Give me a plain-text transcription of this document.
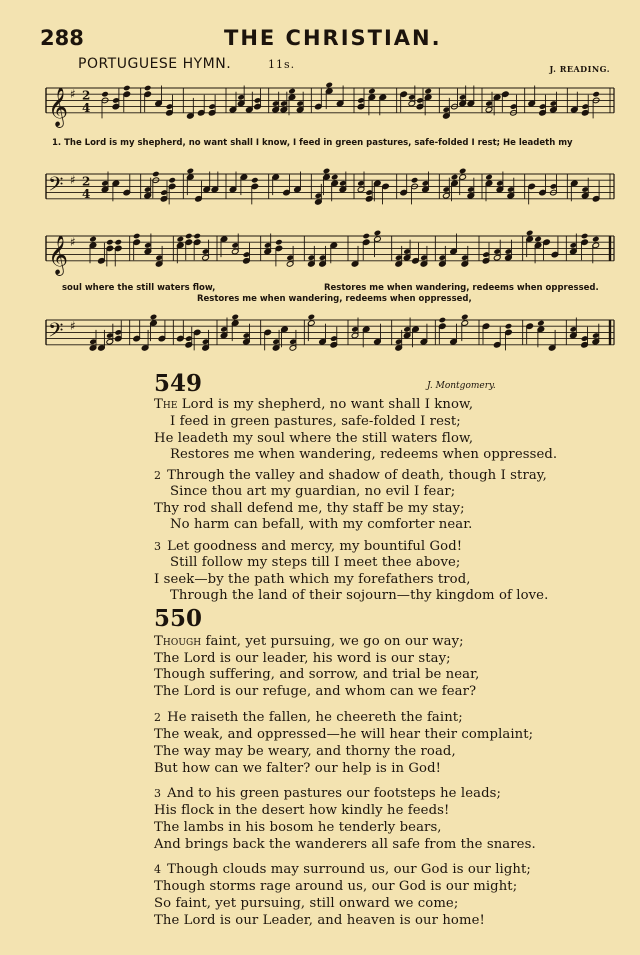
288	THE CHRISTIAN.
PORTUGUESE HYMN.	11s.	J. READING.
𝄞 ♯ 2
4
1. The Lord is my shepherd, no want shall I know, I feed in green pastures, safe-folded I rest; He leadeth my
𝄢 ♯ 2
4
𝄞 ♯
soul where the still waters flow,	Restores me when wandering, redeems when oppressed.
Restores me when wandering, redeems when oppressed,
𝄢 ♯
549	J. Montgomery.
The Lord is my shepherd, no want shall I know,
I feed in green pastures, safe-folded I rest;
He leadeth my soul where the still waters flow,
Restores me when wandering, redeems when oppressed.
2 Through the valley and shadow of death, though I stray,
Since thou art my guardian, no evil I fear;
Thy rod shall defend me, thy staff be my stay;
No harm can befall, with my comforter near.
3 Let goodness and mercy, my bountiful God!
Still follow my steps till I meet thee above;
I seek—by the path which my forefathers trod,
Through the land of their sojourn—thy kingdom of love.
550
Though faint, yet pursuing, we go on our way;
The Lord is our leader, his word is our stay;
Though suffering, and sorrow, and trial be near,
The Lord is our refuge, and whom can we fear?
2 He raiseth the fallen, he cheereth the faint;
The weak, and oppressed—he will hear their complaint;
The way may be weary, and thorny the road,
But how can we falter? our help is in God!
3 And to his green pastures our footsteps he leads;
His flock in the desert how kindly he feeds!
The lambs in his bosom he tenderly bears,
And brings back the wanderers all safe from the snares.
4 Though clouds may surround us, our God is our light;
Though storms rage around us, our God is our might;
So faint, yet pursuing, still onward we come;
The Lord is our Leader, and heaven is our home!
